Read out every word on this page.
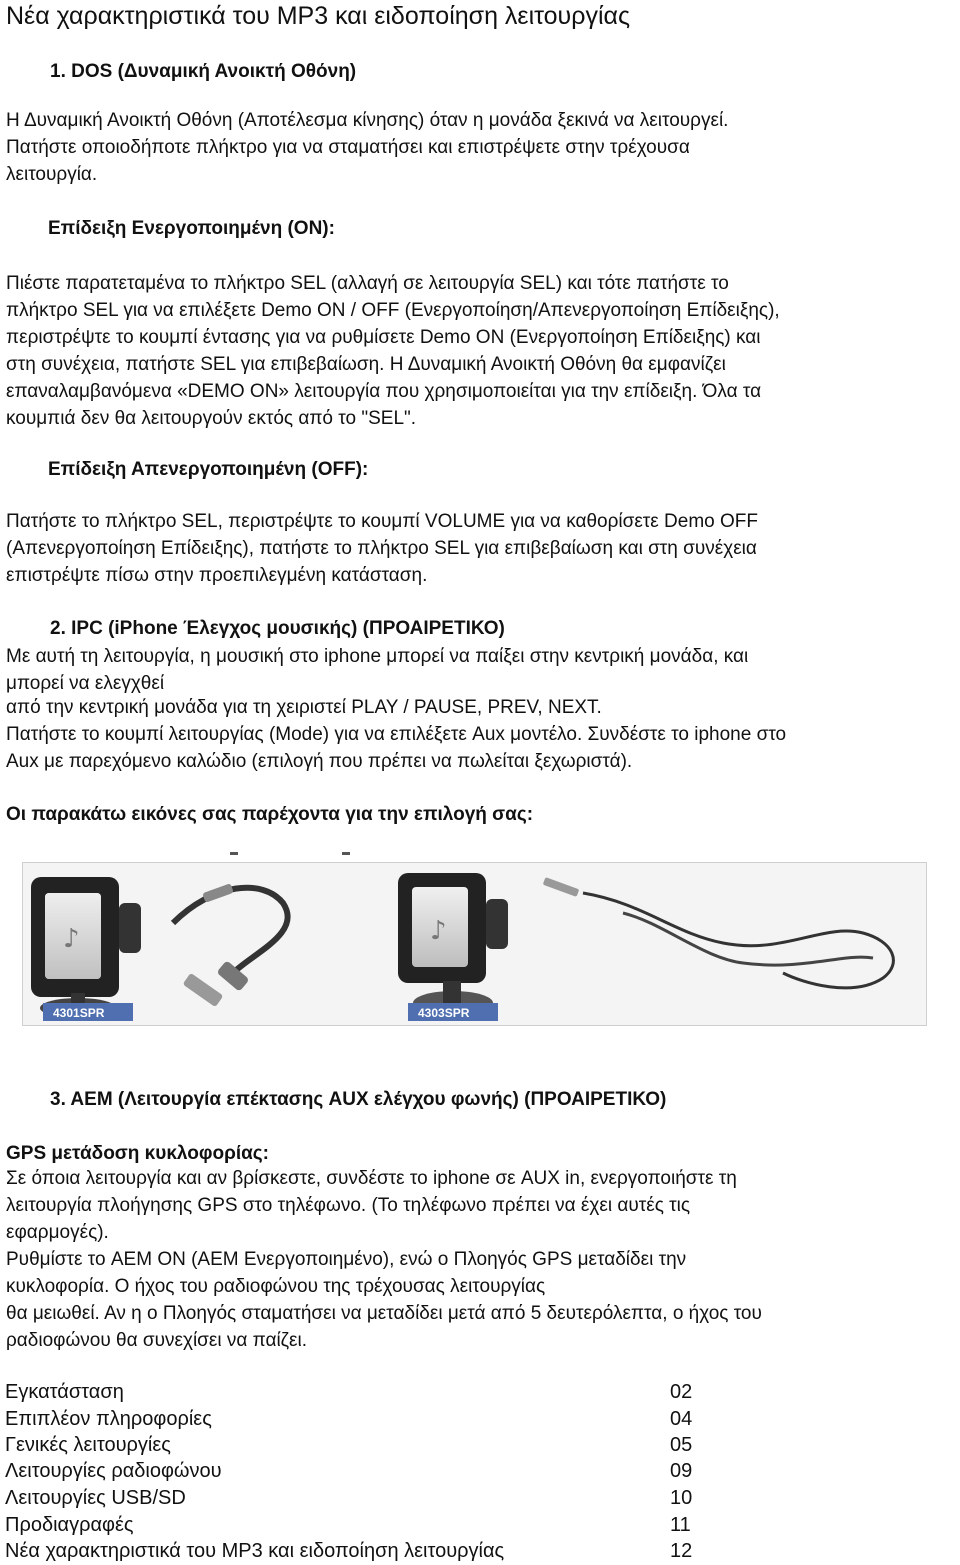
Νέα χαρακτηριστικά του MP3 και ειδοποίηση λειτουργίας
1. DOS (Δυναμική Ανοικτή Οθόνη)
Η Δυναμική Ανοικτή Οθόνη (Αποτέλεσμα κίνησης) όταν η μονάδα ξεκινά να λειτουργεί.
Πατήστε οποιοδήποτε πλήκτρο για να σταματήσει και επιστρέψετε στην τρέχουσα
λειτουργία.
Επίδειξη Ενεργοποιημένη (ON):
Πιέστε παρατεταμένα το πλήκτρο SEL (αλλαγή σε λειτουργία SEL) και τότε πατήστε το
πλήκτρο SEL για να επιλέξετε Demo ON / OFF (Ενεργοποίηση/Απενεργοποίηση Επίδειξης),
περιστρέψτε το κουμπί έντασης για να ρυθμίσετε Demo ON (Ενεργοποίηση Επίδειξης) και
στη συνέχεια, πατήστε SEL για επιβεβαίωση. Η Δυναμική Ανοικτή Οθόνη θα εμφανίζει
επαναλαμβανόμενα «DEMO ON» λειτουργία που χρησιμοποιείται για την επίδειξη. Όλα τα
κουμπιά δεν θα λειτουργούν εκτός από το "SEL".
Επίδειξη Απενεργοποιημένη (OFF):
Πατήστε το πλήκτρο SEL, περιστρέψτε το κουμπί VOLUME για να καθορίσετε Demo OFF
(Απενεργοποίηση Επίδειξης), πατήστε το πλήκτρο SEL για επιβεβαίωση και στη συνέχεια
επιστρέψτε πίσω στην προεπιλεγμένη κατάσταση.
2. IPC (iPhone Έλεγχος μουσικής) (ΠΡΟΑΙΡΕΤΙΚΟ)
Με αυτή τη λειτουργία, η μουσική στο iphone μπορεί να παίξει στην κεντρική μονάδα, και
μπορεί να ελεγχθεί
από την κεντρική μονάδα για τη χειριστεί PLAY / PAUSE, PREV, NEXT.
Πατήστε το κουμπί λειτουργίας (Mode) για να επιλέξετε Aux μοντέλο. Συνδέστε το iphone στο
Aux με παρεχόμενο καλώδιο (επιλογή που πρέπει να πωλείται ξεχωριστά).
Οι παρακάτω εικόνες σας παρέχοντα για την επιλογή σας:
♪
4301SPR
♪
4303SPR
3. AEM (Λειτουργία επέκτασης AUX ελέγχου φωνής) (ΠΡΟΑΙΡΕΤΙΚΟ)
GPS μετάδοση κυκλοφορίας:
Σε όποια λειτουργία και αν βρίσκεστε, συνδέστε το iphone σε AUX in, ενεργοποιήστε τη
λειτουργία πλοήγησης GPS στο τηλέφωνο. (Το τηλέφωνο πρέπει να έχει αυτές τις
εφαρμογές).
Ρυθμίστε το AEM ON (AEM Ενεργοποιημένο), ενώ ο Πλοηγός GPS μεταδίδει την
κυκλοφορία. Ο ήχος του ραδιοφώνου της τρέχουσας λειτουργίας
θα μειωθεί. Αν η ο Πλοηγός σταματήσει να μεταδίδει μετά από 5 δευτερόλεπτα, ο ήχος του
ραδιοφώνου θα συνεχίσει να παίζει.
Εγκατάσταση	02
Επιπλέον πληροφορίες	04
Γενικές λειτουργίες	05
Λειτουργίες ραδιοφώνου	09
Λειτουργίες USB/SD	10
Προδιαγραφές	11
Νέα χαρακτηριστικά του MP3 και ειδοποίηση λειτουργίας	12
